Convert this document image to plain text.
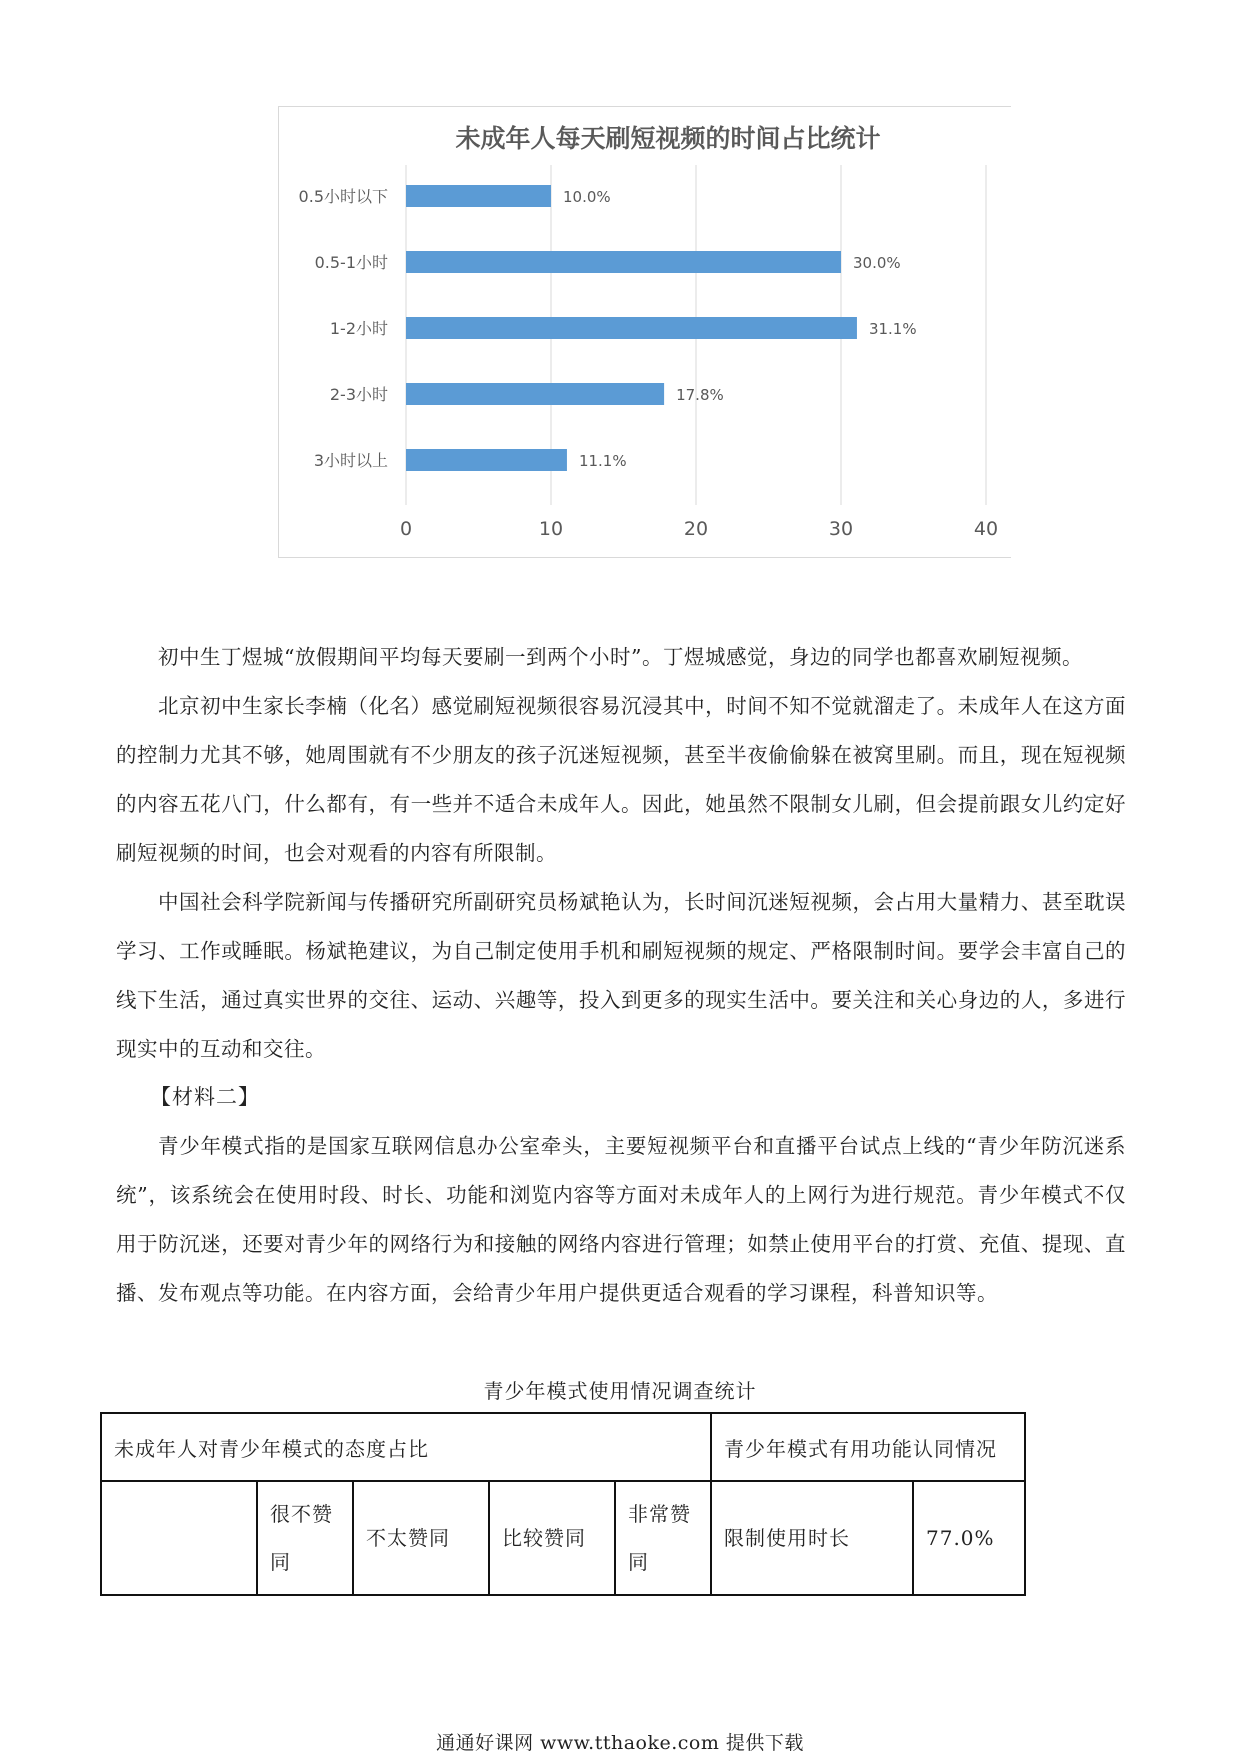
未成年人每天刷短视频的时间占比统计
0	10	20	30	40
0.5小时以下	10.0%
0.5-1小时	30.0%
1-2小时	31.1%
2-3小时	17.8%
3小时以上	11.1%

初中生丁煜城“放假期间平均每天要刷一到两个小时”。丁煜城感觉，身边的同学也都喜欢刷短视频。

北京初中生家长李楠（化名）感觉刷短视频很容易沉浸其中，时间不知不觉就溜走了。未成年人在这方面的控制力尤其不够，她周围就有不少朋友的孩子沉迷短视频，甚至半夜偷偷躲在被窝里刷。而且，现在短视频的内容五花八门，什么都有，有一些并不适合未成年人。因此，她虽然不限制女儿刷，但会提前跟女儿约定好刷短视频的时间，也会对观看的内容有所限制。

中国社会科学院新闻与传播研究所副研究员杨斌艳认为，长时间沉迷短视频，会占用大量精力、甚至耽误学习、工作或睡眠。杨斌艳建议，为自己制定使用手机和刷短视频的规定、严格限制时间。要学会丰富自己的线下生活，通过真实世界的交往、运动、兴趣等，投入到更多的现实生活中。要关注和关心身边的人，多进行现实中的互动和交往。

【材料二】

青少年模式指的是国家互联网信息办公室牵头，主要短视频平台和直播平台试点上线的“青少年防沉迷系统”，该系统会在使用时段、时长、功能和浏览内容等方面对未成年人的上网行为进行规范。青少年模式不仅用于防沉迷，还要对青少年的网络行为和接触的网络内容进行管理；如禁止使用平台的打赏、充值、提现、直播、发布观点等功能。在内容方面，会给青少年用户提供更适合观看的学习课程，科普知识等。

青少年模式使用情况调查统计

未成年人对青少年模式的态度占比					青少年模式有用功能认同情况	
	很不赞同	不太赞同	比较赞同	非常赞同	限制使用时长	77.0%

通通好课网 www.tthaoke.com 提供下载
